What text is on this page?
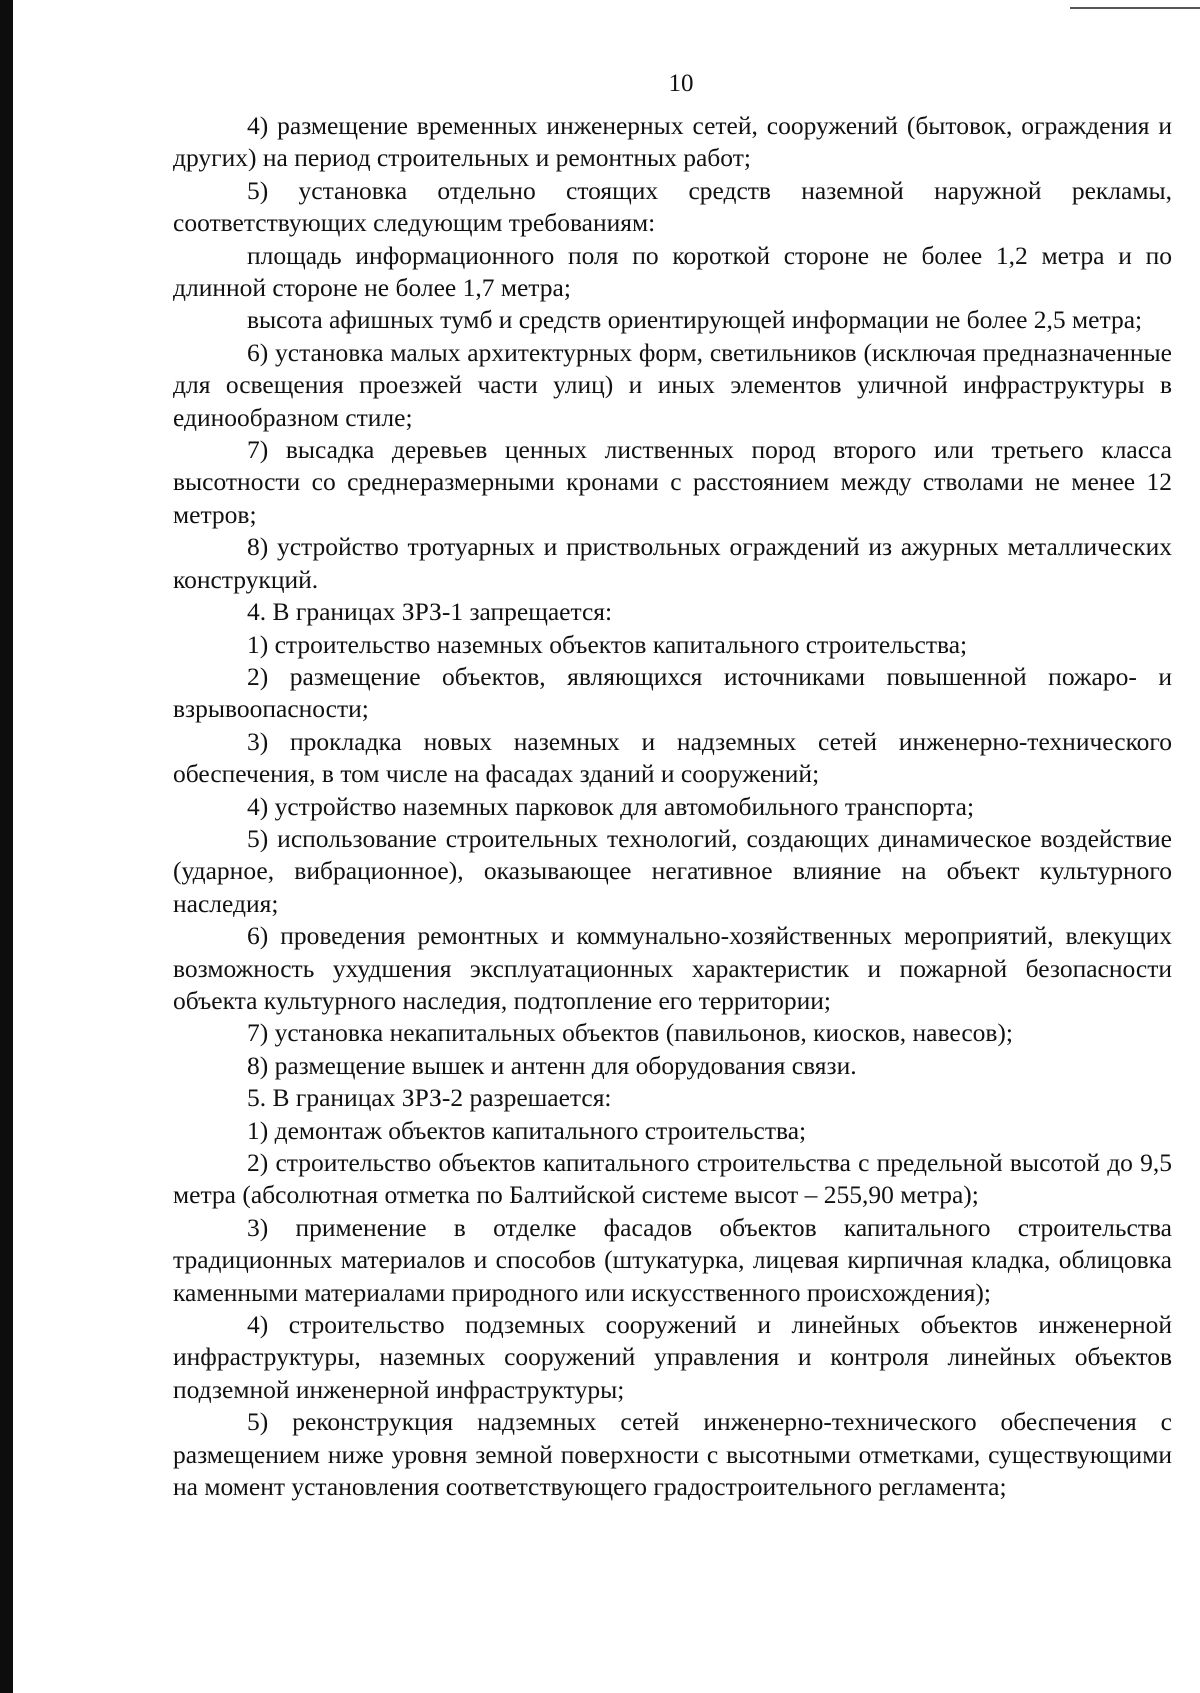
10

4) размещение временных инженерных сетей, сооружений (бытовок, ограждения и других) на период строительных и ремонтных работ;

5) установка отдельно стоящих средств наземной наружной рекламы, соответствующих следующим требованиям:

площадь информационного поля по короткой стороне не более 1,2 метра и по длинной стороне не более 1,7 метра;

высота афишных тумб и средств ориентирующей информации не более 2,5 метра;

6) установка малых архитектурных форм, светильников (исключая предназначенные для освещения проезжей части улиц) и иных элементов уличной инфраструктуры в единообразном стиле;

7) высадка деревьев ценных лиственных пород второго или третьего класса высотности со среднеразмерными кронами с расстоянием между стволами не менее 12 метров;

8) устройство тротуарных и приствольных ограждений из ажурных металлических конструкций.

4. В границах ЗРЗ-1 запрещается:

1) строительство наземных объектов капитального строительства;

2) размещение объектов, являющихся источниками повышенной пожаро- и взрывоопасности;

3) прокладка новых наземных и надземных сетей инженерно-технического обеспечения, в том числе на фасадах зданий и сооружений;

4) устройство наземных парковок для автомобильного транспорта;

5) использование строительных технологий, создающих динамическое воздействие (ударное, вибрационное), оказывающее негативное влияние на объект культурного наследия;

6) проведения ремонтных и коммунально-хозяйственных мероприятий, влекущих возможность ухудшения эксплуатационных характеристик и пожарной безопасности объекта культурного наследия, подтопление его территории;

7) установка некапитальных объектов (павильонов, киосков, навесов);

8) размещение вышек и антенн для оборудования связи.

5. В границах ЗРЗ-2 разрешается:

1) демонтаж объектов капитального строительства;

2) строительство объектов капитального строительства с предельной высотой до 9,5 метра (абсолютная отметка по Балтийской системе высот – 255,90 метра);

3) применение в отделке фасадов объектов капитального строительства традиционных материалов и способов (штукатурка, лицевая кирпичная кладка, облицовка каменными материалами природного или искусственного происхождения);

4) строительство подземных сооружений и линейных объектов инженерной инфраструктуры, наземных сооружений управления и контроля линейных объектов подземной инженерной инфраструктуры;

5) реконструкция надземных сетей инженерно-технического обеспечения с размещением ниже уровня земной поверхности с высотными отметками, существующими на момент установления соответствующего градостроительного регламента;
